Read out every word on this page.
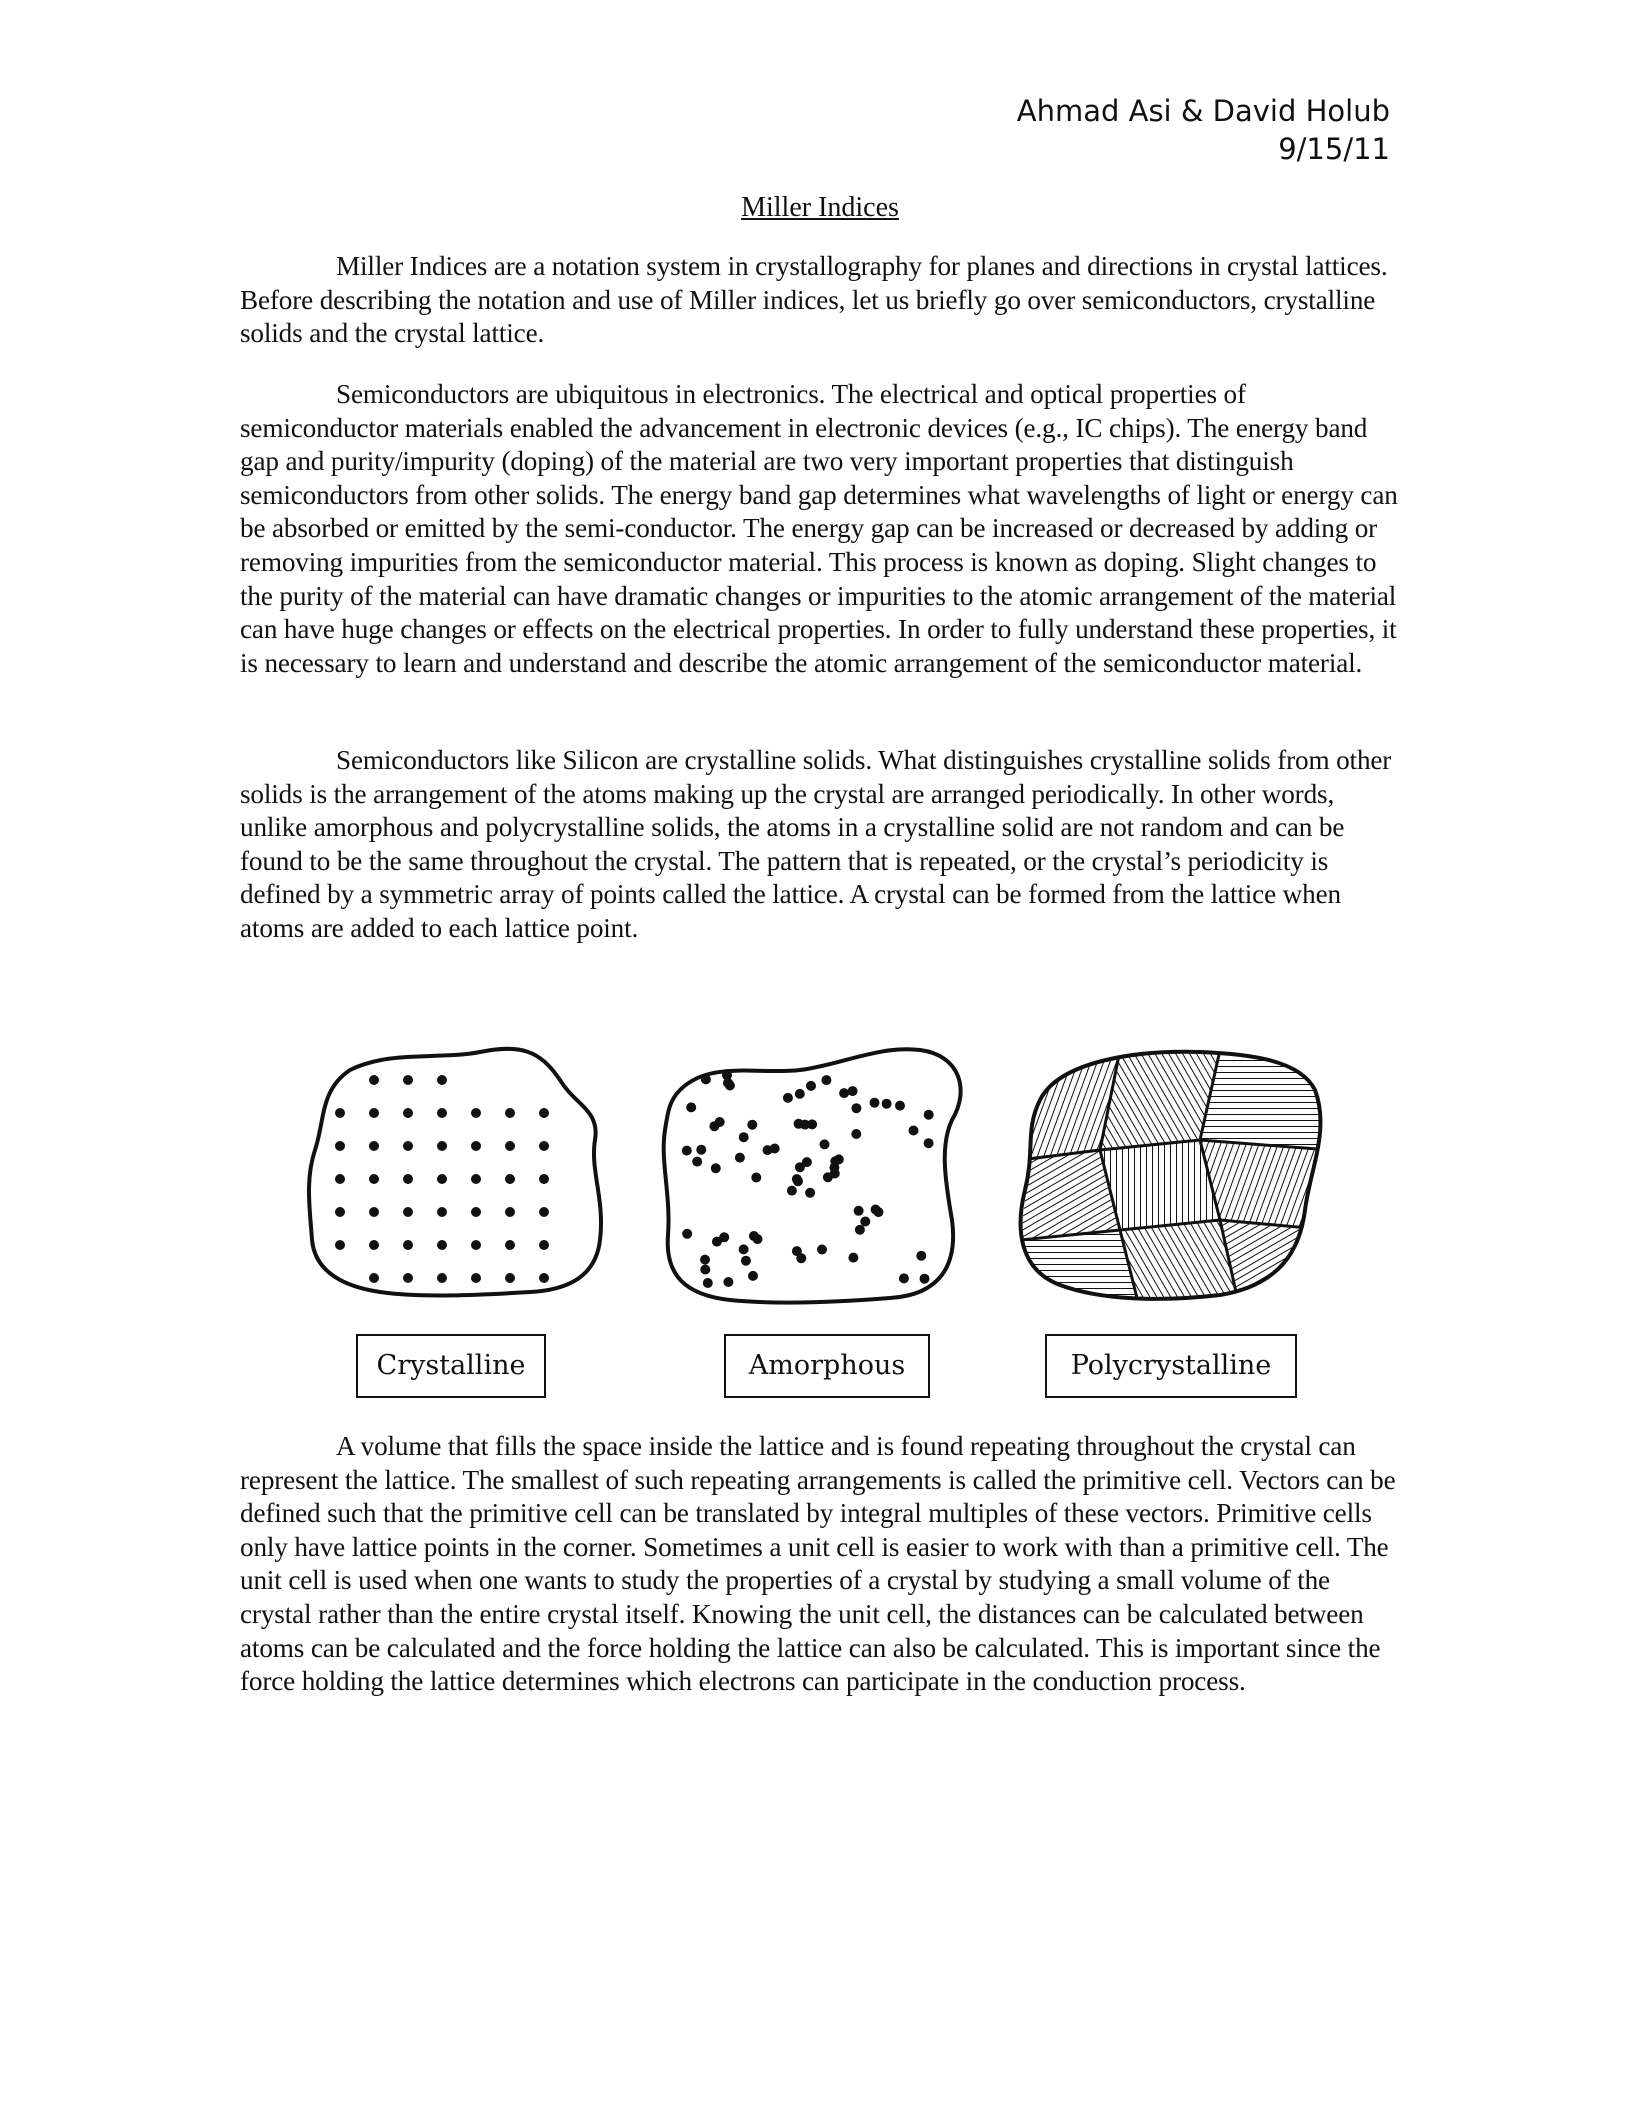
Ahmad Asi & David Holub
9/15/11
Miller Indices

Miller Indices are a notation system in crystallography for planes and directions in crystal lattices. Before describing the notation and use of Miller indices, let us briefly go over semiconductors, crystalline solids and the crystal lattice.

Semiconductors are ubiquitous in electronics. The electrical and optical properties of semiconductor materials enabled the advancement in electronic devices (e.g., IC chips). The energy band gap and purity/impurity (doping) of the material are two very important properties that distinguish semiconductors from other solids. The energy band gap determines what wavelengths of light or energy can be absorbed or emitted by the semi-conductor. The energy gap can be increased or decreased by adding or removing impurities from the semiconductor material. This process is known as doping. Slight changes to the purity of the material can have dramatic changes or impurities to the atomic arrangement of the material can have huge changes or effects on the electrical properties. In order to fully understand these properties, it is necessary to learn and understand and describe the atomic arrangement of the semiconductor material.

Semiconductors like Silicon are crystalline solids. What distinguishes crystalline solids from other solids is the arrangement of the atoms making up the crystal are arranged periodically. In other words, unlike amorphous and polycrystalline solids, the atoms in a crystalline solid are not random and can be found to be the same throughout the crystal. The pattern that is repeated, or the crystal’s periodicity is defined by a symmetric array of points called the lattice. A crystal can be formed from the lattice when atoms are added to each lattice point.

Crystalline	Amorphous	Polycrystalline

A volume that fills the space inside the lattice and is found repeating throughout the crystal can represent the lattice. The smallest of such repeating arrangements is called the primitive cell. Vectors can be defined such that the primitive cell can be translated by integral multiples of these vectors. Primitive cells only have lattice points in the corner. Sometimes a unit cell is easier to work with than a primitive cell. The unit cell is used when one wants to study the properties of a crystal by studying a small volume of the crystal rather than the entire crystal itself. Knowing the unit cell, the distances can be calculated between atoms can be calculated and the force holding the lattice can also be calculated. This is important since the force holding the lattice determines which electrons can participate in the conduction process.
